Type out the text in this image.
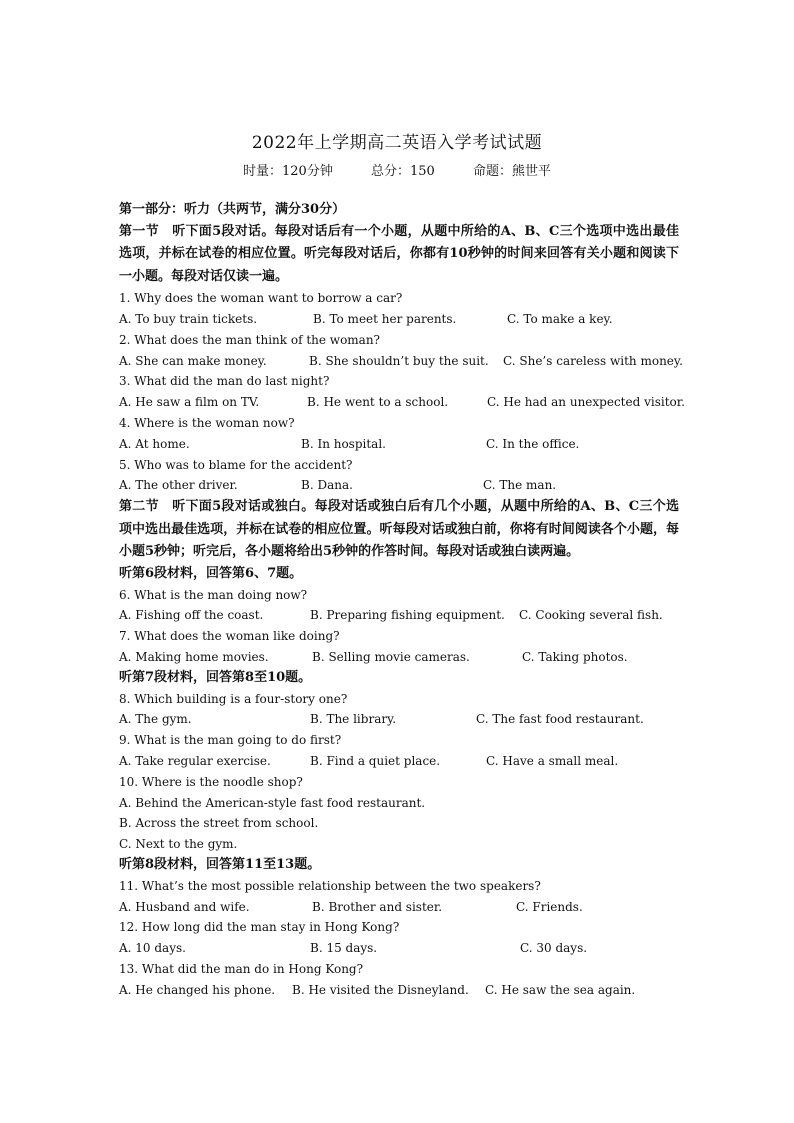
2022年上学期高二英语入学考试试题
时量：120分钟	总分：150	命题：熊世平
第一部分：听力（共两节，满分30分）
第一节　听下面5段对话。每段对话后有一个小题，从题中所给的A、B、C三个选项中选出最佳选项，并标在试卷的相应位置。听完每段对话后，你都有10秒钟的时间来回答有关小题和阅读下一小题。每段对话仅读一遍。
1. Why does the woman want to borrow a car?
A. To buy train tickets.	B. To meet her parents.	C. To make a key.
2. What does the man think of the woman?
A. She can make money.	B. She shouldn’t buy the suit. C. She’s careless with money.
3. What did the man do last night?
A. He saw a film on TV.	B. He went to a school.	C. He had an unexpected visitor.
4. Where is the woman now?
A. At home.	B. In hospital.	C. In the office.
5. Who was to blame for the accident?
A. The other driver.	B. Dana.	C. The man.
第二节　听下面5段对话或独白。每段对话或独白后有几个小题，从题中所给的A、B、C三个选项中选出最佳选项，并标在试卷的相应位置。听每段对话或独白前，你将有时间阅读各个小题，每小题5秒钟；听完后，各小题将给出5秒钟的作答时间。每段对话或独白读两遍。
听第6段材料，回答第6、7题。
6. What is the man doing now?
A. Fishing off the coast.	B. Preparing fishing equipment. C. Cooking several fish.
7. What does the woman like doing?
A. Making home movies.	B. Selling movie cameras.	C. Taking photos.
听第7段材料，回答第8至10题。
8. Which building is a four-story one?
A. The gym.	B. The library.	C. The fast food restaurant.
9. What is the man going to do first?
A. Take regular exercise.	B. Find a quiet place.	C. Have a small meal.
10. Where is the noodle shop?
A. Behind the American-style fast food restaurant.
B. Across the street from school.
C. Next to the gym.
听第8段材料，回答第11至13题。
11. What’s the most possible relationship between the two speakers?
A. Husband and wife.	B. Brother and sister.	C. Friends.
12. How long did the man stay in Hong Kong?
A. 10 days.	B. 15 days.	C. 30 days.
13. What did the man do in Hong Kong?
A. He changed his phone. B. He visited the Disneyland. C. He saw the sea again.
